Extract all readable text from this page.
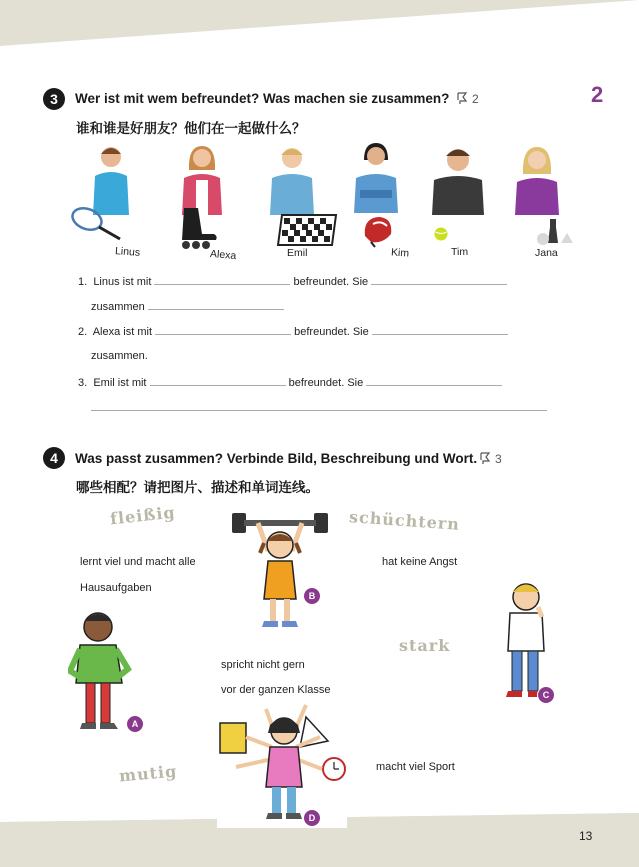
13
2
3	Wer ist mit wem befreundet? Was machen sie zusammen?	2
谁和谁是好朋友？他们在一起做什么？
Linus	Alexa	Emil	Kim	Tim	Jana
1. Linus ist mit	befreundet. Sie
zusammen
2. Alexa ist mit	befreundet. Sie
zusammen.
3. Emil ist mit	befreundet. Sie
4	Was passt zusammen? Verbinde Bild, Beschreibung und Wort.	3
哪些相配？请把图片、描述和单词连线。
fleißig	schüchtern
stark
mutig
lernt viel und macht alle
Hausaufgaben
hat keine Angst
spricht nicht gern
vor der ganzen Klasse
macht viel Sport
A
B
C
D
